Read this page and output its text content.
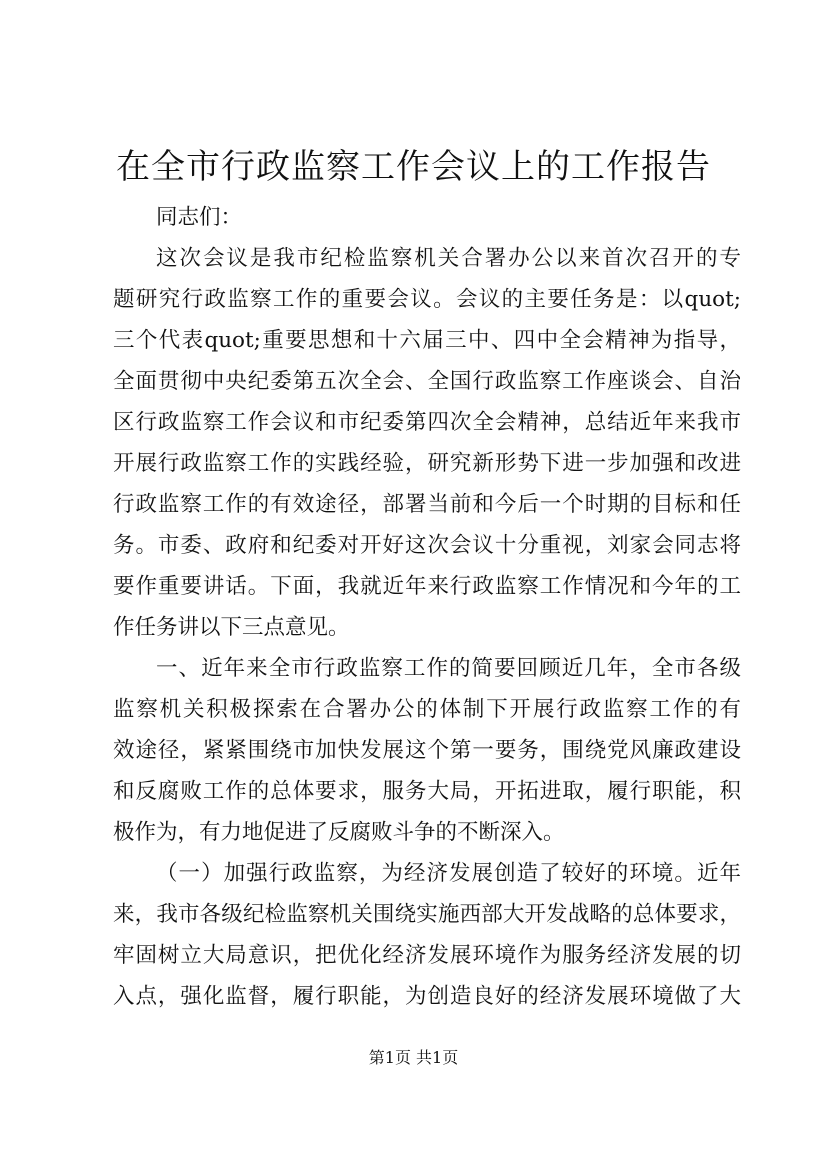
在全市行政监察工作会议上的工作报告
同志们：
这次会议是我市纪检监察机关合署办公以来首次召开的专
题研究行政监察工作的重要会议。会议的主要任务是：以quot;
三个代表quot;重要思想和十六届三中、四中全会精神为指导，
全面贯彻中央纪委第五次全会、全国行政监察工作座谈会、自治
区行政监察工作会议和市纪委第四次全会精神，总结近年来我市
开展行政监察工作的实践经验，研究新形势下进一步加强和改进
行政监察工作的有效途径，部署当前和今后一个时期的目标和任
务。市委、政府和纪委对开好这次会议十分重视，刘家会同志将
要作重要讲话。下面，我就近年来行政监察工作情况和今年的工
作任务讲以下三点意见。
一、近年来全市行政监察工作的简要回顾近几年，全市各级
监察机关积极探索在合署办公的体制下开展行政监察工作的有
效途径，紧紧围绕市加快发展这个第一要务，围绕党风廉政建设
和反腐败工作的总体要求，服务大局，开拓进取，履行职能，积
极作为，有力地促进了反腐败斗争的不断深入。
（一）加强行政监察，为经济发展创造了较好的环境。近年
来，我市各级纪检监察机关围绕实施西部大开发战略的总体要求，
牢固树立大局意识，把优化经济发展环境作为服务经济发展的切
入点，强化监督，履行职能，为创造良好的经济发展环境做了大
第1页 共1页
